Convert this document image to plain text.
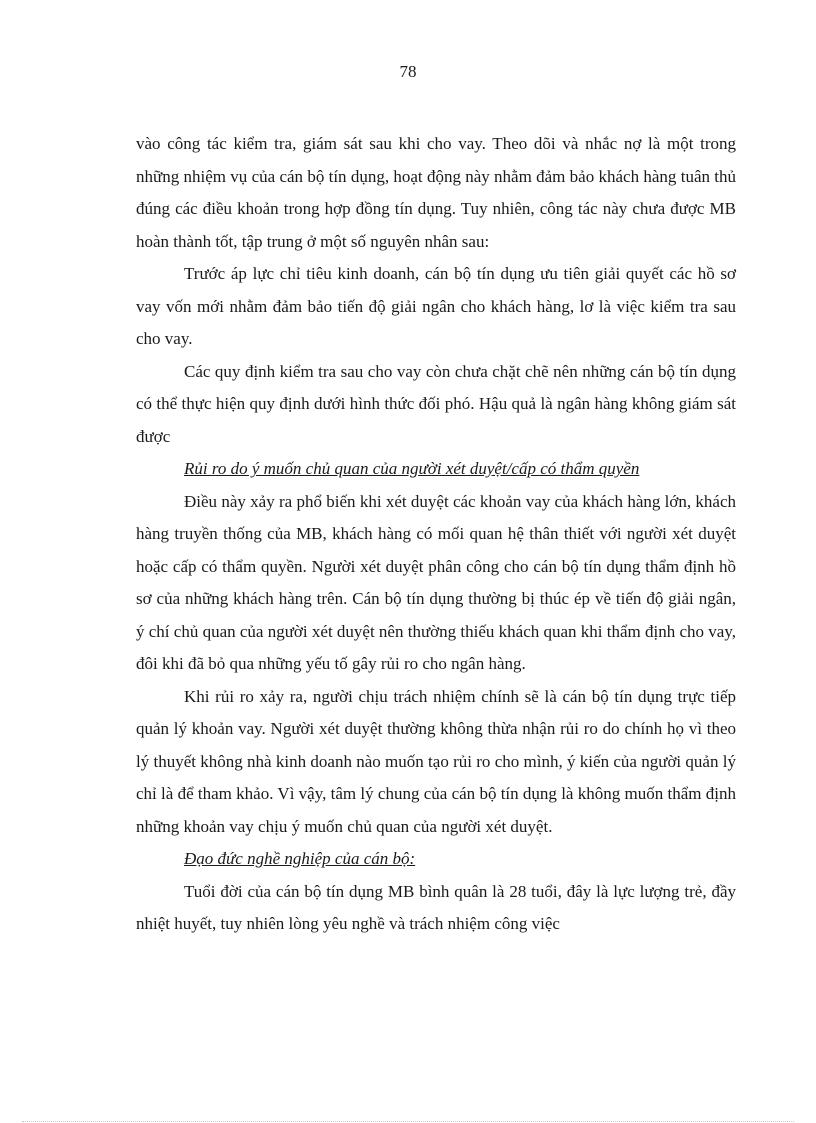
78

vào công tác kiểm tra, giám sát sau khi cho vay. Theo dõi và nhắc nợ là một trong những nhiệm vụ của cán bộ tín dụng, hoạt động này nhằm đảm bảo khách hàng tuân thủ đúng các điều khoản trong hợp đồng tín dụng. Tuy nhiên, công tác này chưa được MB hoàn thành tốt, tập trung ở một số nguyên nhân sau:

Trước áp lực chỉ tiêu kinh doanh, cán bộ tín dụng ưu tiên giải quyết các hồ sơ vay vốn mới nhằm đảm bảo tiến độ giải ngân cho khách hàng, lơ là việc kiểm tra sau cho vay.

Các quy định kiểm tra sau cho vay còn chưa chặt chẽ nên những cán bộ tín dụng có thể thực hiện quy định dưới hình thức đối phó. Hậu quả là ngân hàng không giám sát được

Rủi ro do ý muốn chủ quan của người xét duyệt/cấp có thẩm quyền

Điều này xảy ra phổ biến khi xét duyệt các khoản vay của khách hàng lớn, khách hàng truyền thống của MB, khách hàng có mối quan hệ thân thiết với người xét duyệt hoặc cấp có thẩm quyền. Người xét duyệt phân công cho cán bộ tín dụng thẩm định hồ sơ của những khách hàng trên. Cán bộ tín dụng thường bị thúc ép về tiến độ giải ngân, ý chí chủ quan của người xét duyệt nên thường thiếu khách quan khi thẩm định cho vay, đôi khi đã bỏ qua những yếu tố gây rủi ro cho ngân hàng.

Khi rủi ro xảy ra, người chịu trách nhiệm chính sẽ là cán bộ tín dụng trực tiếp quản lý khoản vay. Người xét duyệt thường không thừa nhận rủi ro do chính họ vì theo lý thuyết không nhà kinh doanh nào muốn tạo rủi ro cho mình, ý kiến của người quản lý chỉ là để tham khảo. Vì vậy, tâm lý chung của cán bộ tín dụng là không muốn thẩm định những khoản vay chịu ý muốn chủ quan của người xét duyệt.

Đạo đức nghề nghiệp của cán bộ:

Tuổi đời của cán bộ tín dụng MB bình quân là 28 tuổi, đây là lực lượng trẻ, đầy nhiệt huyết, tuy nhiên lòng yêu nghề và trách nhiệm công việc
